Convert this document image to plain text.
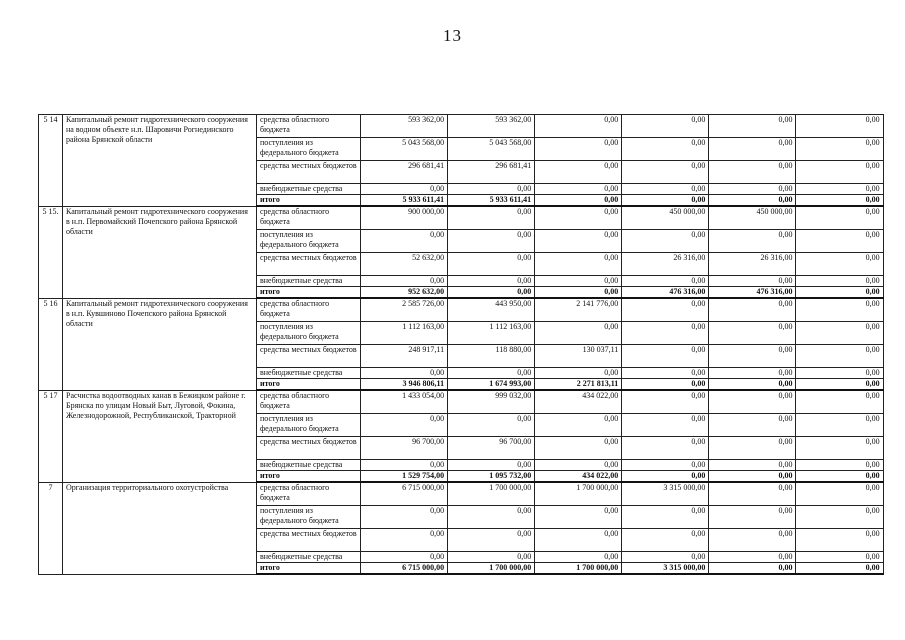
13
5 14	Капитальный ремонт гидротехнического сооружения на водном объекте н.п. Шаровичи Рогнединского района Брянской области	средства областного бюджета	593 362,00	593 362,00	0,00	0,00	0,00	0,00
		поступления из федерального бюджета	5 043 568,00	5 043 568,00	0,00	0,00	0,00	0,00
		средства местных бюджетов	296 681,41	296 681,41	0,00	0,00	0,00	0,00
		внебюджетные средства	0,00	0,00	0,00	0,00	0,00	0,00
		итого	5 933 611,41	5 933 611,41	0,00	0,00	0,00	0,00
5 15.	Капитальный ремонт гидротехнического сооружения в н.п. Первомайский Почепского района Брянской области	средства областного бюджета	900 000,00	0,00	0,00	450 000,00	450 000,00	0,00
		поступления из федерального бюджета	0,00	0,00	0,00	0,00	0,00	0,00
		средства местных бюджетов	52 632,00	0,00	0,00	26 316,00	26 316,00	0,00
		внебюджетные средства	0,00	0,00	0,00	0,00	0,00	0,00
		итого	952 632,00	0,00	0,00	476 316,00	476 316,00	0,00
5 16	Капитальный ремонт гидротехнического сооружения в н.п. Кувшиново Почепского района Брянской области	средства областного бюджета	2 585 726,00	443 950,00	2 141 776,00	0,00	0,00	0,00
		поступления из федерального бюджета	1 112 163,00	1 112 163,00	0,00	0,00	0,00	0,00
		средства местных бюджетов	248 917,11	118 880,00	130 037,11	0,00	0,00	0,00
		внебюджетные средства	0,00	0,00	0,00	0,00	0,00	0,00
		итого	3 946 806,11	1 674 993,00	2 271 813,11	0,00	0,00	0,00
5 17	Расчистка водоотводных канав в Бежицком районе г. Брянска по улицам Новый Быт, Луговой, Фокина, Железнодорожной, Республиканской, Тракторной	средства областного бюджета	1 433 054,00	999 032,00	434 022,00	0,00	0,00	0,00
		поступления из федерального бюджета	0,00	0,00	0,00	0,00	0,00	0,00
		средства местных бюджетов	96 700,00	96 700,00	0,00	0,00	0,00	0,00
		внебюджетные средства	0,00	0,00	0,00	0,00	0,00	0,00
		итого	1 529 754,00	1 095 732,00	434 022,00	0,00	0,00	0,00
7	Организация территориального охотустройства	средства областного бюджета	6 715 000,00	1 700 000,00	1 700 000,00	3 315 000,00	0,00	0,00
		поступления из федерального бюджета	0,00	0,00	0,00	0,00	0,00	0,00
		средства местных бюджетов	0,00	0,00	0,00	0,00	0,00	0,00
		внебюджетные средства	0,00	0,00	0,00	0,00	0,00	0,00
		итого	6 715 000,00	1 700 000,00	1 700 000,00	3 315 000,00	0,00	0,00
